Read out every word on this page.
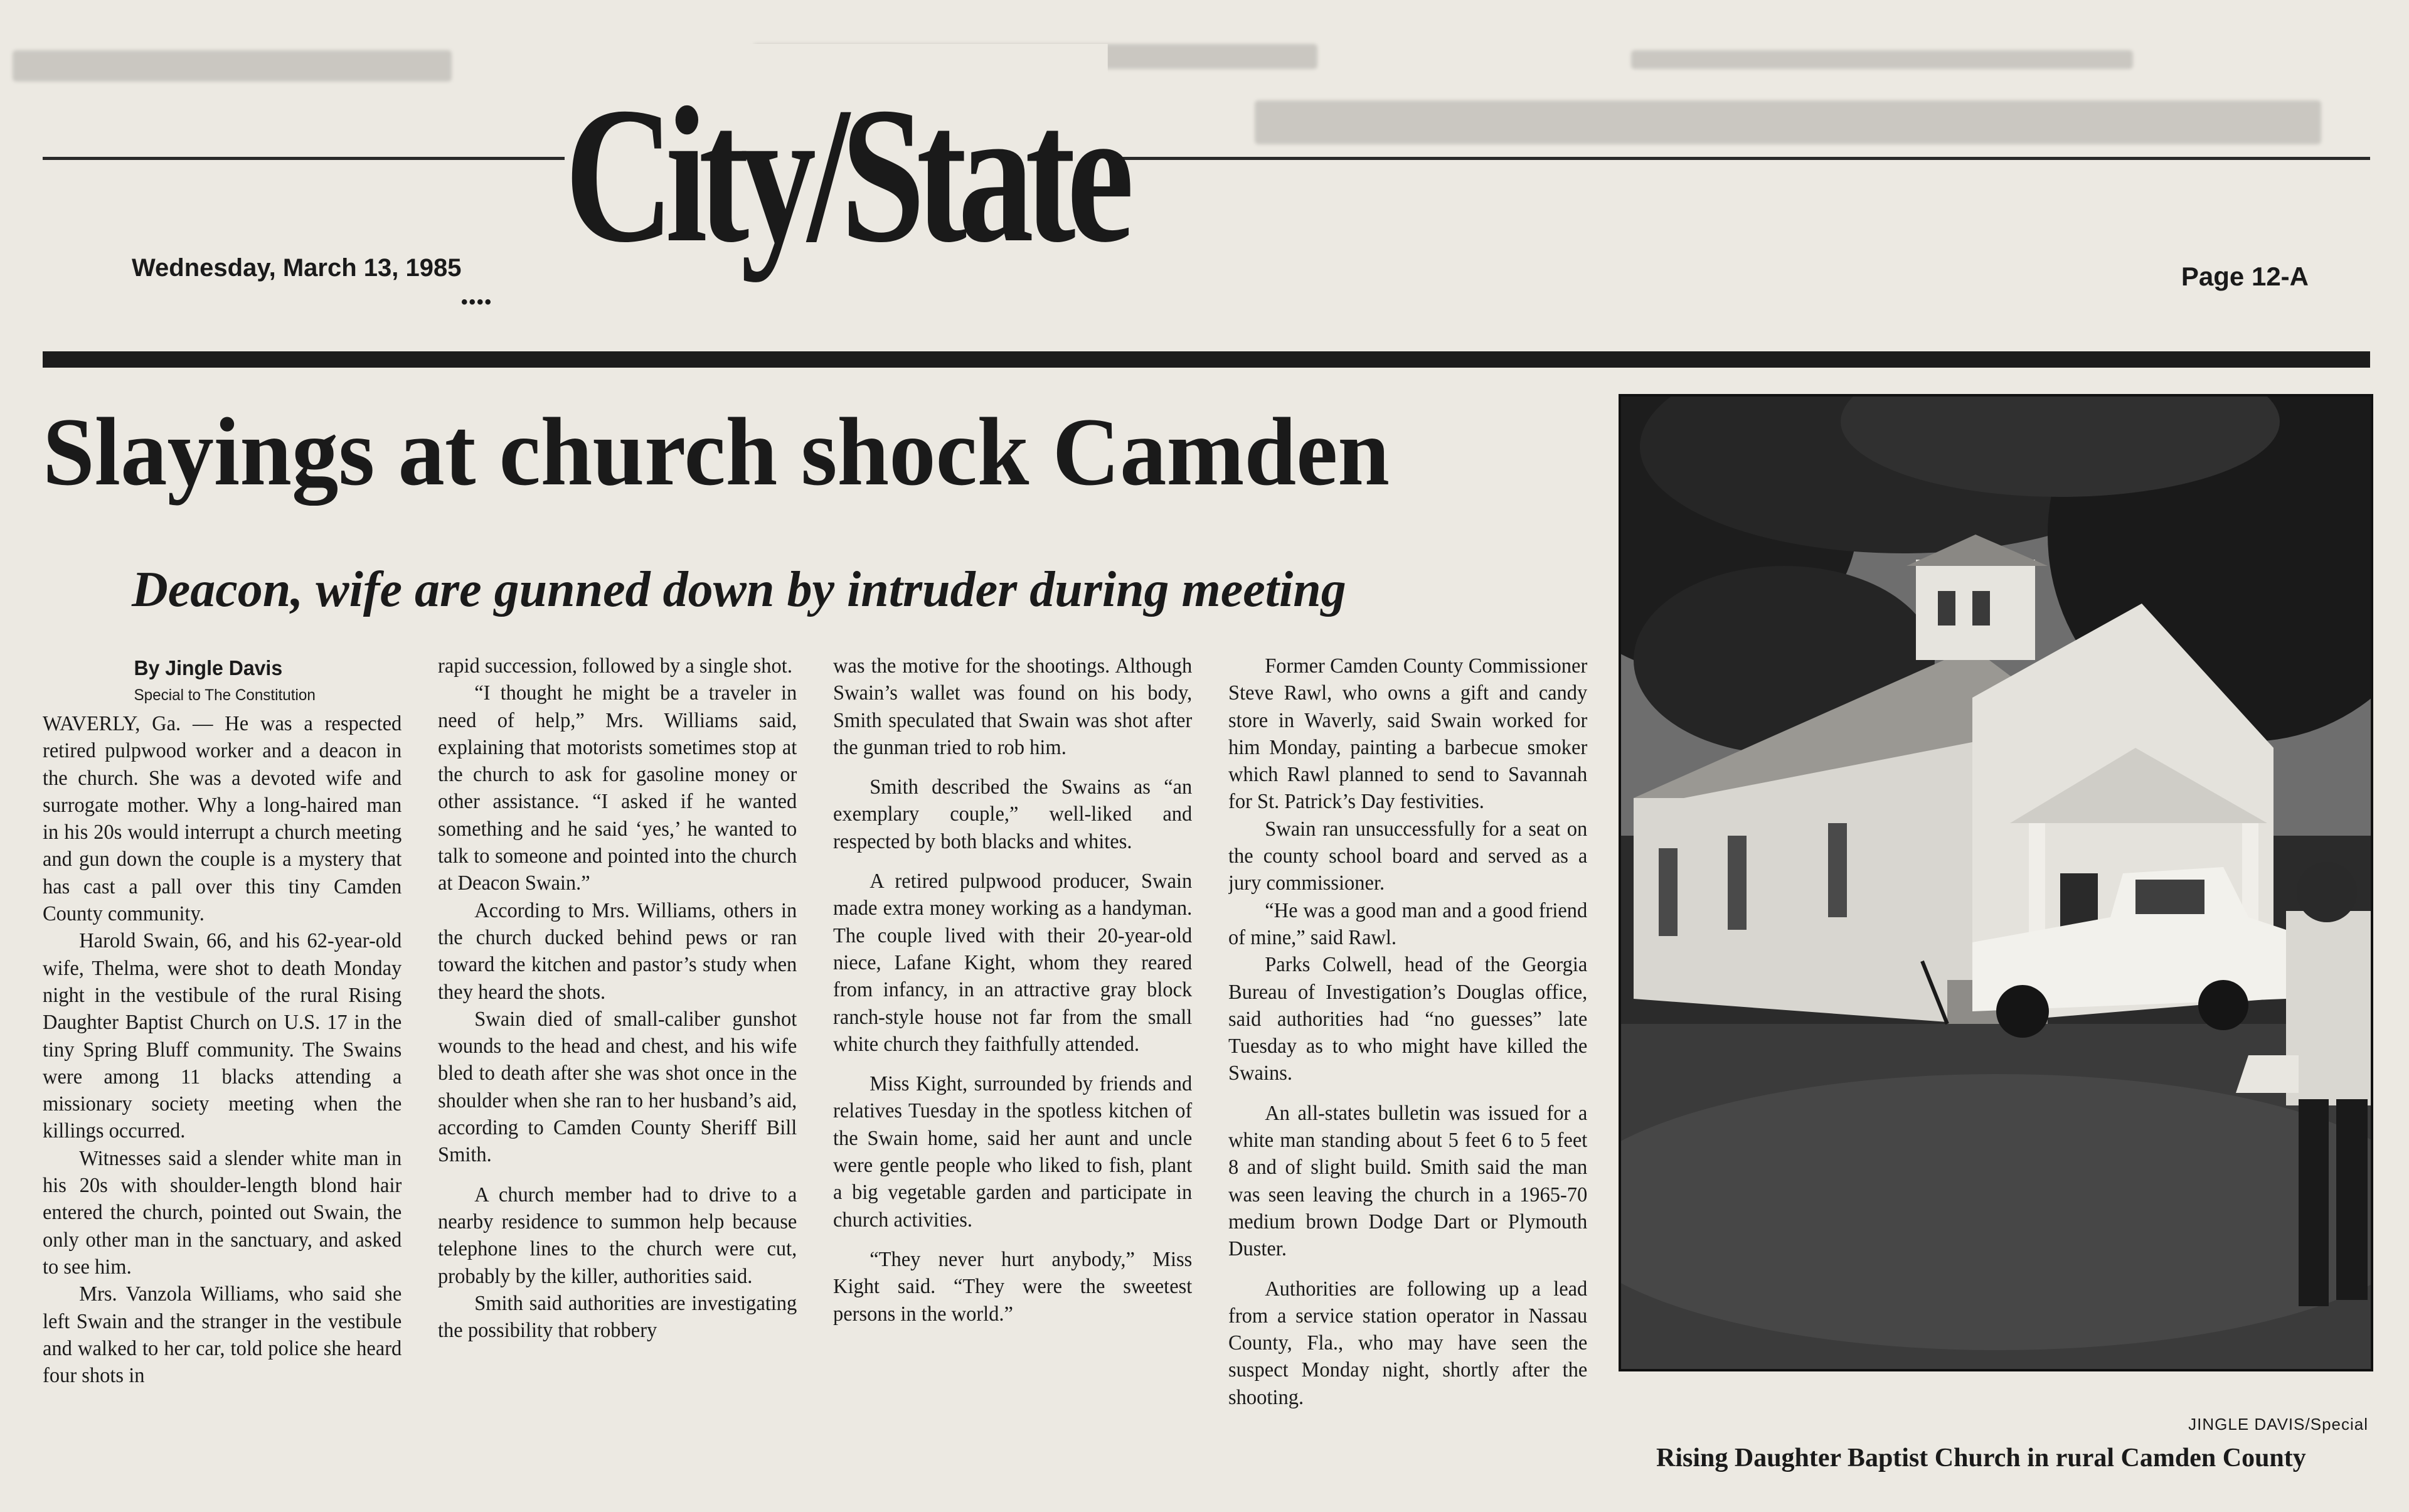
City/State
Wednesday, March 13, 1985
••••
Page 12-A
Slayings at church shock Camden
Deacon, wife are gunned down by intruder during meeting
By Jingle Davis
Special to The Constitution

WAVERLY, Ga. — He was a respected retired pulpwood worker and a deacon in the church. She was a devoted wife and surrogate mother. Why a long-haired man in his 20s would interrupt a church meeting and gun down the couple is a mystery that has cast a pall over this tiny Camden County community.

Harold Swain, 66, and his 62-year-old wife, Thelma, were shot to death Monday night in the vestibule of the rural Rising Daughter Baptist Church on U.S. 17 in the tiny Spring Bluff community. The Swains were among 11 blacks attending a missionary society meeting when the killings occurred.

Witnesses said a slender white man in his 20s with shoulder-length blond hair entered the church, pointed out Swain, the only other man in the sanctuary, and asked to see him.

Mrs. Vanzola Williams, who said she left Swain and the stranger in the vestibule and walked to her car, told police she heard four shots in

rapid succession, followed by a single shot.

“I thought he might be a traveler in need of help,” Mrs. Williams said, explaining that motorists sometimes stop at the church to ask for gasoline money or other assistance. “I asked if he wanted something and he said ‘yes,’ he wanted to talk to someone and pointed into the church at Deacon Swain.”

According to Mrs. Williams, others in the church ducked behind pews or ran toward the kitchen and pastor’s study when they heard the shots.

Swain died of small-caliber gunshot wounds to the head and chest, and his wife bled to death after she was shot once in the shoulder when she ran to her husband’s aid, according to Camden County Sheriff Bill Smith.

A church member had to drive to a nearby residence to summon help because telephone lines to the church were cut, probably by the killer, authorities said.

Smith said authorities are investigating the possibility that robbery

was the motive for the shootings. Although Swain’s wallet was found on his body, Smith speculated that Swain was shot after the gunman tried to rob him.

Smith described the Swains as “an exemplary couple,” well-liked and respected by both blacks and whites.

A retired pulpwood producer, Swain made extra money working as a handyman. The couple lived with their 20-year-old niece, Lafane Kight, whom they reared from infancy, in an attractive gray block ranch-style house not far from the small white church they faithfully attended.

Miss Kight, surrounded by friends and relatives Tuesday in the spotless kitchen of the Swain home, said her aunt and uncle were gentle people who liked to fish, plant a big vegetable garden and participate in church activities.

“They never hurt anybody,” Miss Kight said. “They were the sweetest persons in the world.”

Former Camden County Commissioner Steve Rawl, who owns a gift and candy store in Waverly, said Swain worked for him Monday, painting a barbecue smoker which Rawl planned to send to Savannah for St. Patrick’s Day festivities.

Swain ran unsuccessfully for a seat on the county school board and served as a jury commissioner.

“He was a good man and a good friend of mine,” said Rawl.

Parks Colwell, head of the Georgia Bureau of Investigation’s Douglas office, said authorities had “no guesses” late Tuesday as to who might have killed the Swains.

An all-states bulletin was issued for a white man standing about 5 feet 6 to 5 feet 8 and of slight build. Smith said the man was seen leaving the church in a 1965-70 medium brown Dodge Dart or Plymouth Duster.

Authorities are following up a lead from a service station operator in Nassau County, Fla., who may have seen the suspect Monday night, shortly after the shooting.

JINGLE DAVIS/Special
Rising Daughter Baptist Church in rural Camden County
